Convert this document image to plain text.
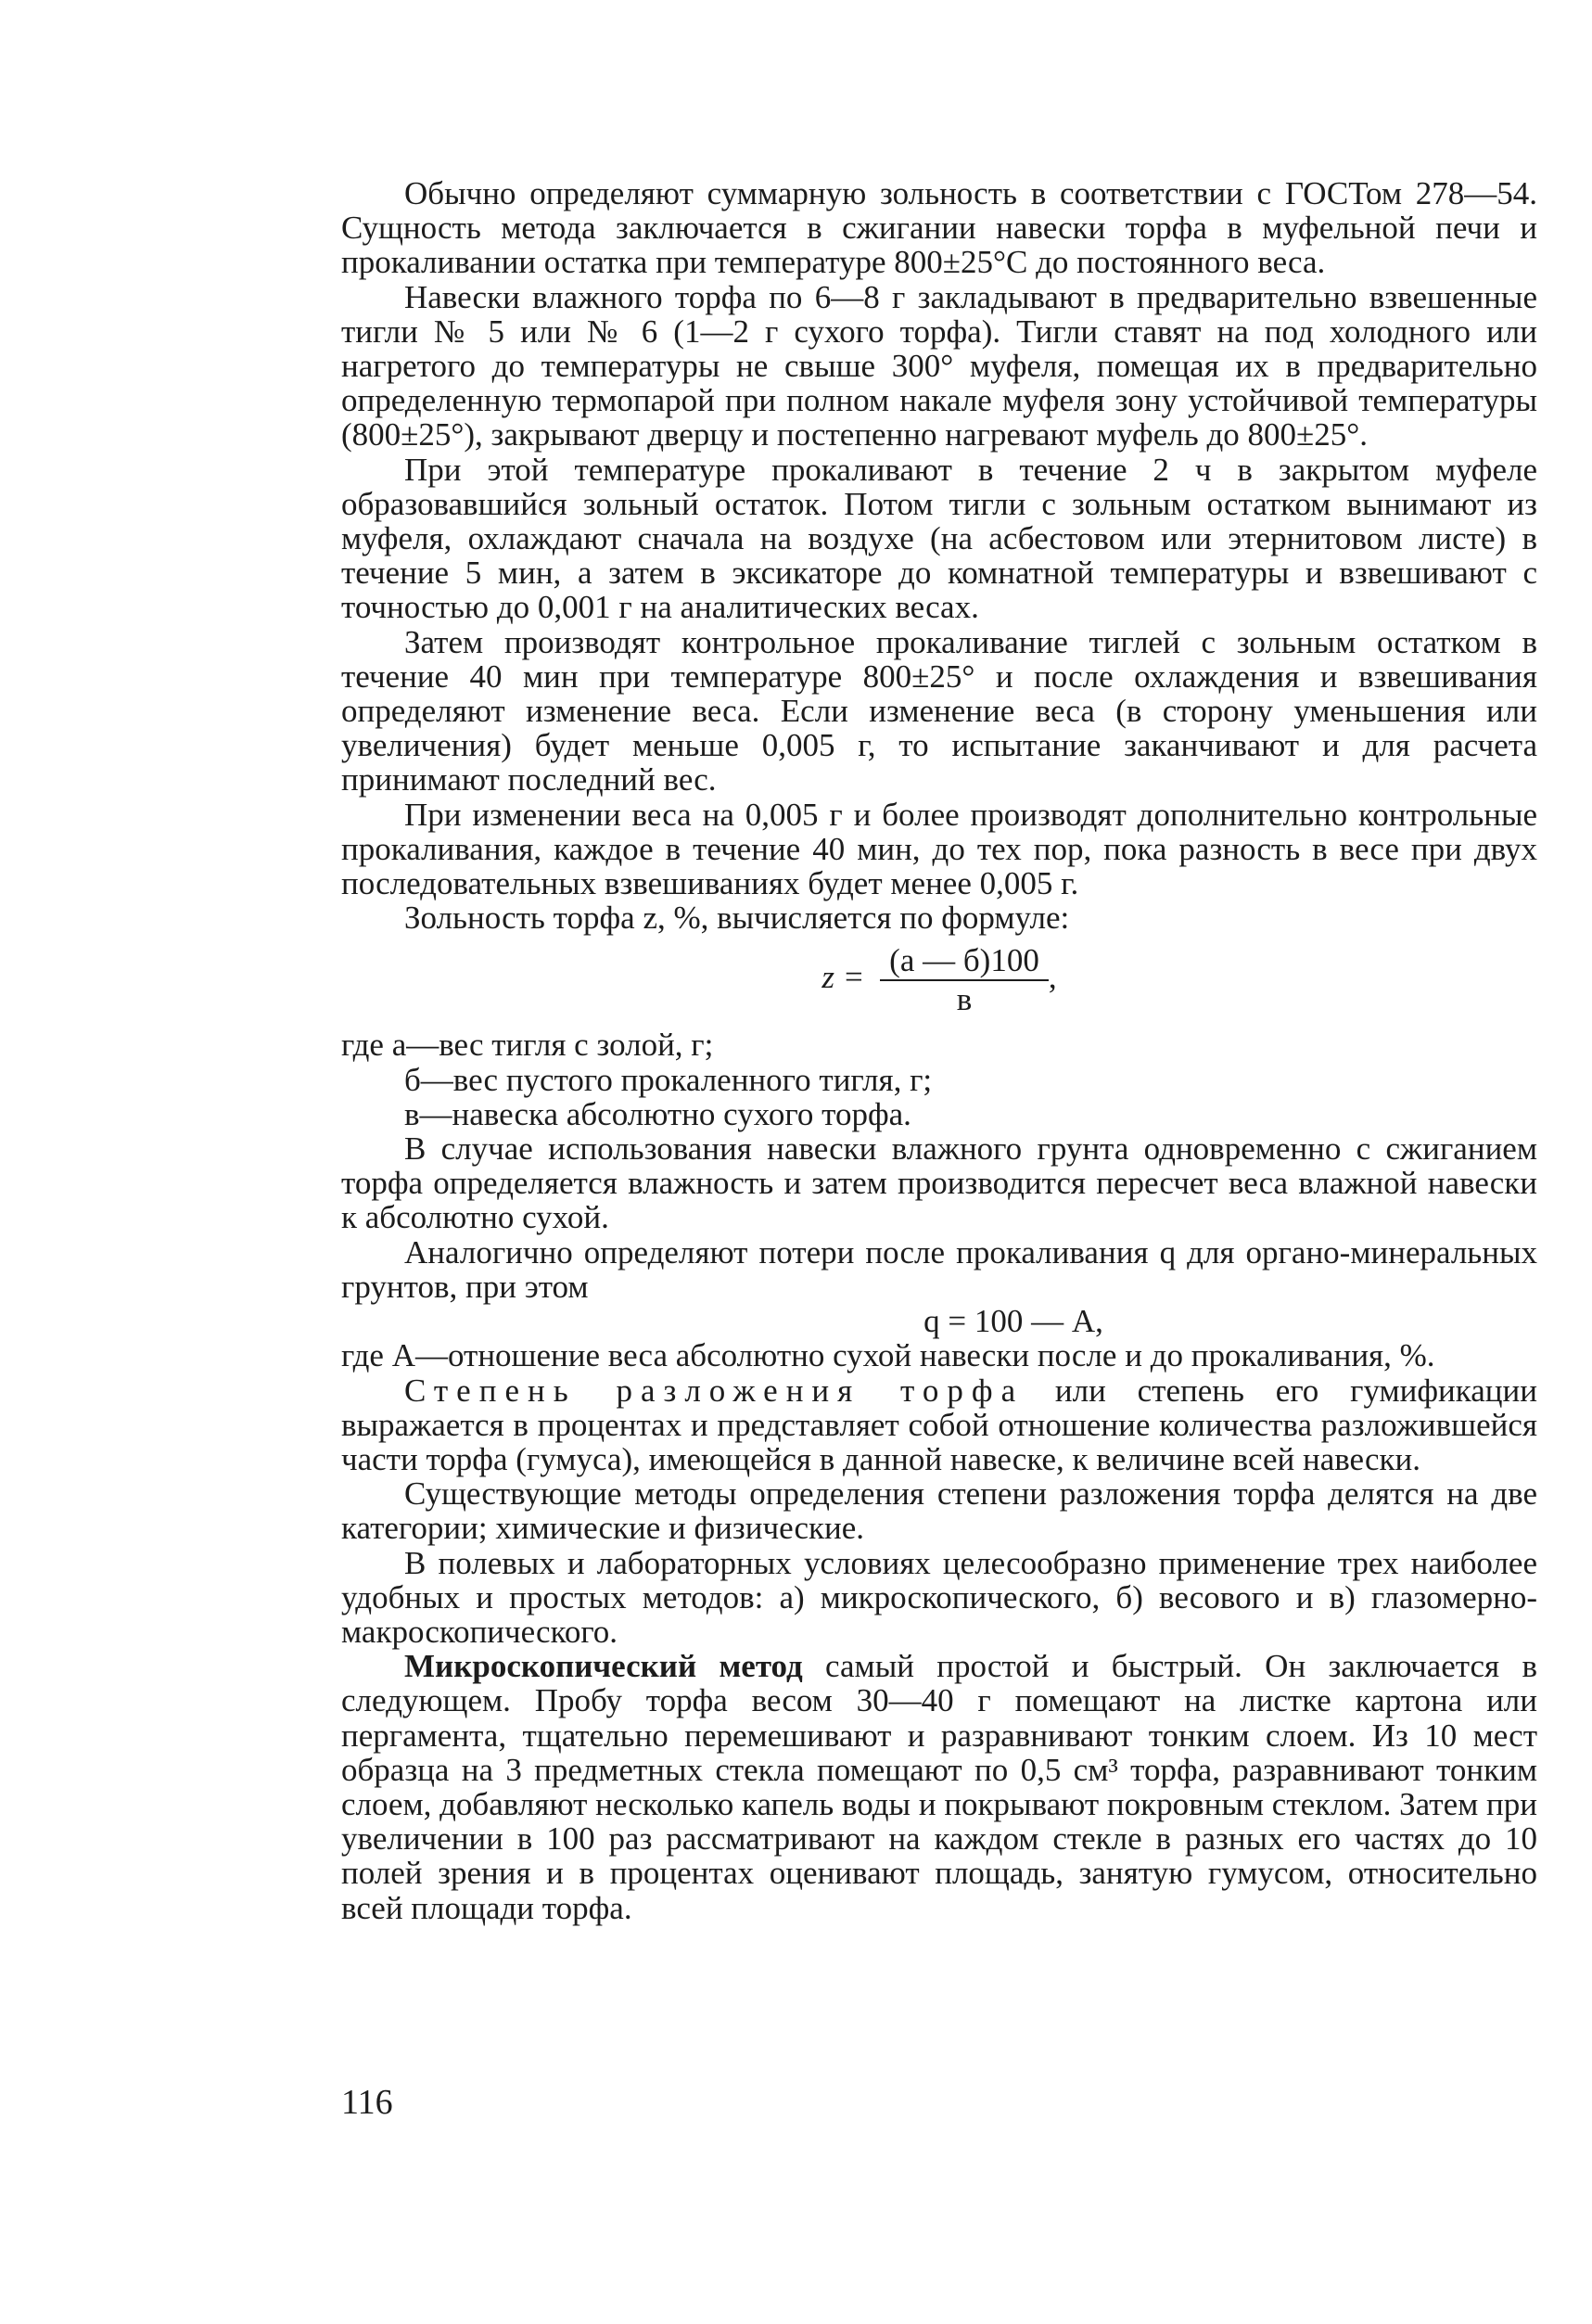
Обычно определяют суммарную зольность в соответствии с ГОСТом 278—54. Сущность метода заключается в сжигании навески торфа в муфельной печи и прокаливании остатка при температуре 800±25°С до постоянного веса.

Навески влажного торфа по 6—8 г закладывают в предварительно взвешенные тигли № 5 или № 6 (1—2 г сухого торфа). Тигли ставят на под холодного или нагретого до температуры не свыше 300° муфеля, помещая их в предварительно определенную термопарой при полном накале муфеля зону устойчивой температуры (800±25°), закрывают дверцу и постепенно нагревают муфель до 800±25°.

При этой температуре прокаливают в течение 2 ч в закрытом муфеле образовавшийся зольный остаток. Потом тигли с зольным остатком вынимают из муфеля, охлаждают сначала на воздухе (на асбестовом или этернитовом листе) в течение 5 мин, а затем в эксикаторе до комнатной температуры и взвешивают с точностью до 0,001 г на аналитических весах.

Затем производят контрольное прокаливание тиглей с зольным остатком в течение 40 мин при температуре 800±25° и после охлаждения и взвешивания определяют изменение веса. Если изменение веса (в сторону уменьшения или увеличения) будет меньше 0,005 г, то испытание заканчивают и для расчета принимают последний вес.

При изменении веса на 0,005 г и более производят дополнительно контрольные прокаливания, каждое в течение 40 мин, до тех пор, пока разность в весе при двух последовательных взвешиваниях будет менее 0,005 г.

Зольность торфа z, %, вычисляется по формуле:

$z = \frac{(а — б)100}{в}$ ,

где а—вес тигля с золой, г;

б—вес пустого прокаленного тигля, г;

в—навеска абсолютно сухого торфа.

В случае использования навески влажного грунта одновременно с сжиганием торфа определяется влажность и затем производится пересчет веса влажной навески к абсолютно сухой.

Аналогично определяют потери после прокаливания q для органо-минеральных грунтов, при этом

q = 100 — А,

где А—отношение веса абсолютно сухой навески после и до прокаливания, %.

Степень разложения торфа или степень его гумификации выражается в процентах и представляет собой отношение количества разложившейся части торфа (гумуса), имеющейся в данной навеске, к величине всей навески.

Существующие методы определения степени разложения торфа делятся на две категории; химические и физические.

В полевых и лабораторных условиях целесообразно применение трех наиболее удобных и простых методов: а) микроскопического, б) весового и в) глазомерно-макроскопического.

Микроскопический метод самый простой и быстрый. Он заключается в следующем. Пробу торфа весом 30—40 г помещают на листке картона или пергамента, тщательно перемешивают и разравнивают тонким слоем. Из 10 мест образца на 3 предметных стекла помещают по 0,5 см³ торфа, разравнивают тонким слоем, добавляют несколько капель воды и покрывают покровным стеклом. Затем при увеличении в 100 раз рассматривают на каждом стекле в разных его частях до 10 полей зрения и в процентах оценивают площадь, занятую гумусом, относительно всей площади торфа.

116
